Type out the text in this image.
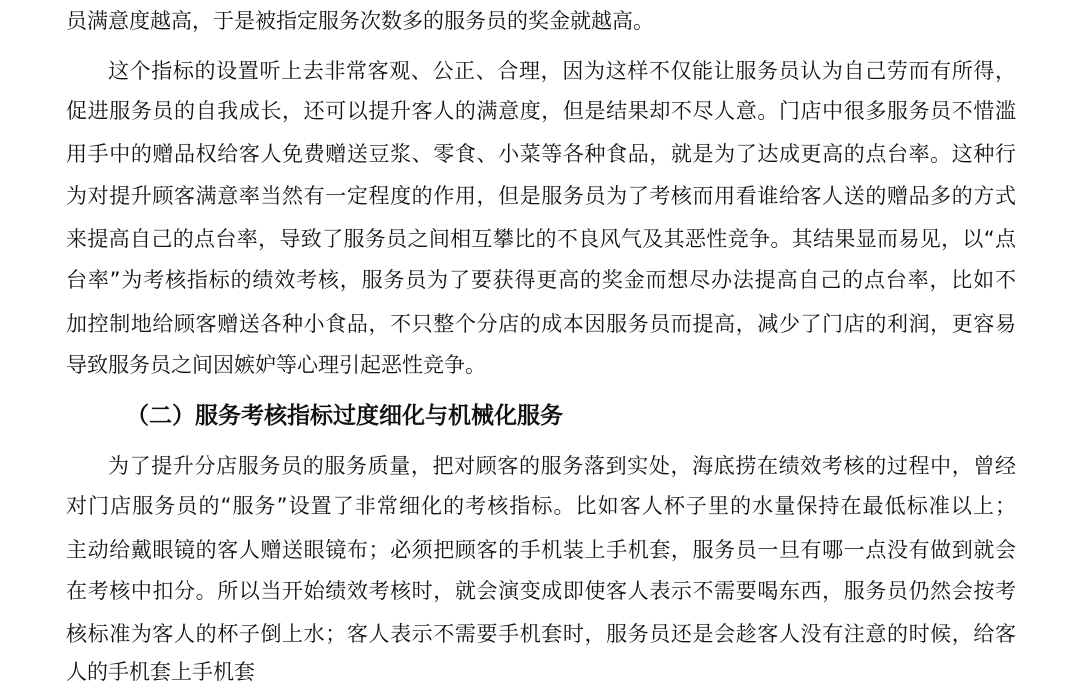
员满意度越高，于是被指定服务次数多的服务员的奖金就越高。
这个指标的设置听上去非常客观、公正、合理，因为这样不仅能让服务员认为自己劳而有所得，
促进服务员的自我成长，还可以提升客人的满意度，但是结果却不尽人意。门店中很多服务员不惜滥
用手中的赠品权给客人免费赠送豆浆、零食、小菜等各种食品，就是为了达成更高的点台率。这种行
为对提升顾客满意率当然有一定程度的作用，但是服务员为了考核而用看谁给客人送的赠品多的方式
来提高自己的点台率，导致了服务员之间相互攀比的不良风气及其恶性竞争。其结果显而易见，以“点
台率”为考核指标的绩效考核，服务员为了要获得更高的奖金而想尽办法提高自己的点台率，比如不
加控制地给顾客赠送各种小食品，不只整个分店的成本因服务员而提高，减少了门店的利润，更容易
导致服务员之间因嫉妒等心理引起恶性竞争。
（二）服务考核指标过度细化与机械化服务
为了提升分店服务员的服务质量，把对顾客的服务落到实处，海底捞在绩效考核的过程中，曾经
对门店服务员的“服务”设置了非常细化的考核指标。比如客人杯子里的水量保持在最低标准以上；
主动给戴眼镜的客人赠送眼镜布；必须把顾客的手机装上手机套，服务员一旦有哪一点没有做到就会
在考核中扣分。所以当开始绩效考核时，就会演变成即使客人表示不需要喝东西，服务员仍然会按考
核标准为客人的杯子倒上水；客人表示不需要手机套时，服务员还是会趁客人没有注意的时候，给客
人的手机套上手机套
